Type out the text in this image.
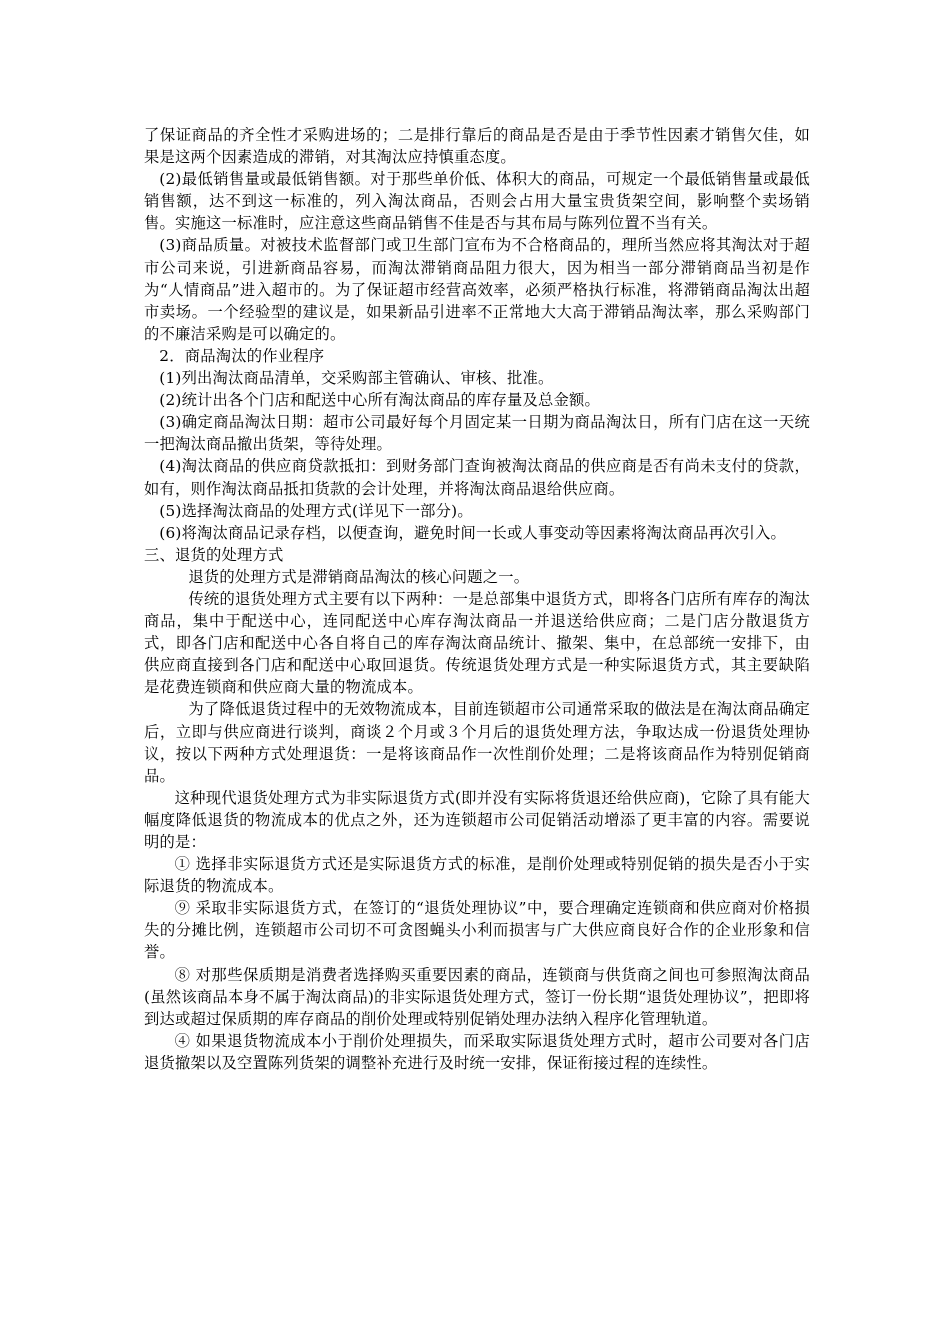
了保证商品的齐全性才采购进场的；二是排行靠后的商品是否是由于季节性因素才销售欠佳，如果是这两个因素造成的滞销，对其淘汰应持慎重态度。

(2)最低销售量或最低销售额。对于那些单价低、体积大的商品，可规定一个最低销售量或最低销售额，达不到这一标准的，列入淘汰商品，否则会占用大量宝贵货架空间，影响整个卖场销售。实施这一标准时，应注意这些商品销售不佳是否与其布局与陈列位置不当有关。

(3)商品质量。对被技术监督部门或卫生部门宣布为不合格商品的，理所当然应将其淘汰对于超市公司来说，引进新商品容易，而淘汰滞销商品阻力很大，因为相当一部分滞销商品当初是作为“人情商品”进入超市的。为了保证超市经营高效率，必须严格执行标准，将滞销商品淘汰出超市卖场。一个经验型的建议是，如果新品引进率不正常地大大高于滞销品淘汰率，那么采购部门的不廉洁采购是可以确定的。

2．商品淘汰的作业程序

(1)列出淘汰商品清单，交采购部主管确认、审核、批准。

(2)统计出各个门店和配送中心所有淘汰商品的库存量及总金额。

(3)确定商品淘汰日期：超市公司最好每个月固定某一日期为商品淘汰日，所有门店在这一天统一把淘汰商品撤出货架，等待处理。

(4)淘汰商品的供应商贷款抵扣：到财务部门查询被淘汰商品的供应商是否有尚未支付的贷款，如有，则作淘汰商品抵扣货款的会计处理，并将淘汰商品退给供应商。

(5)选择淘汰商品的处理方式(详见下一部分)。

(6)将淘汰商品记录存档，以便查询，避免时间一长或人事变动等因素将淘汰商品再次引入。

三、退货的处理方式

退货的处理方式是滞销商品淘汰的核心问题之一。

传统的退货处理方式主要有以下两种：一是总部集中退货方式，即将各门店所有库存的淘汰商品，集中于配送中心，连同配送中心库存淘汰商品一并退送给供应商；二是门店分散退货方式，即各门店和配送中心各自将自己的库存淘汰商品统计、撤架、集中，在总部统一安排下，由供应商直接到各门店和配送中心取回退货。传统退货处理方式是一种实际退货方式，其主要缺陷是花费连锁商和供应商大量的物流成本。

为了降低退货过程中的无效物流成本，目前连锁超市公司通常采取的做法是在淘汰商品确定后，立即与供应商进行谈判，商谈２个月或３个月后的退货处理方法，争取达成一份退货处理协议，按以下两种方式处理退货：一是将该商品作一次性削价处理；二是将该商品作为特别促销商品。

这种现代退货处理方式为非实际退货方式(即并没有实际将货退还给供应商)，它除了具有能大幅度降低退货的物流成本的优点之外，还为连锁超市公司促销活动增添了更丰富的内容。需要说明的是：

① 选择非实际退货方式还是实际退货方式的标准，是削价处理或特别促销的损失是否小于实际退货的物流成本。

⑨ 采取非实际退货方式，在签订的“退货处理协议”中，要合理确定连锁商和供应商对价格损失的分摊比例，连锁超市公司切不可贪图蝇头小利而损害与广大供应商良好合作的企业形象和信誉。

⑧ 对那些保质期是消费者选择购买重要因素的商品，连锁商与供货商之间也可参照淘汰商品(虽然该商品本身不属于淘汰商品)的非实际退货处理方式，签订一份长期“退货处理协议”，把即将到达或超过保质期的库存商品的削价处理或特别促销处理办法纳入程序化管理轨道。

④ 如果退货物流成本小于削价处理损失，而采取实际退货处理方式时，超市公司要对各门店退货撤架以及空置陈列货架的调整补充进行及时统一安排，保证衔接过程的连续性。
